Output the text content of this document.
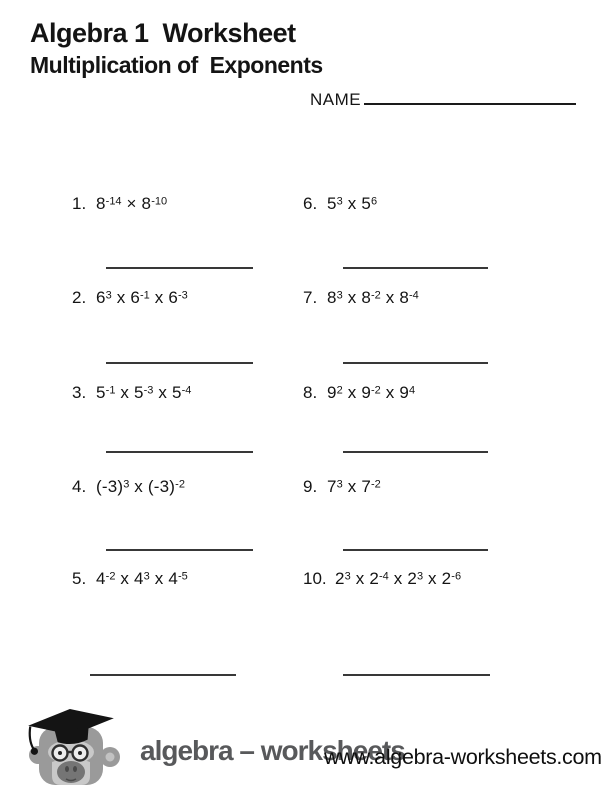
Algebra 1  Worksheet
Multiplication of  Exponents
NAME
1. $8^{-14} \times 8^{-10}$
2. $6^3$ x $6^{-1}$ x $6^{-3}$
3. $5^{-1}$ x $5^{-3}$ x $5^{-4}$
4. $(-3)^3$ x $(-3)^{-2}$
5. $4^{-2}$ x $4^3$ x $4^{-5}$
6. $5^3$ x $5^6$
7. $8^3$ x $8^{-2}$ x $8^{-4}$
8. $9^2$ x $9^{-2}$ x $9^4$
9. $7^3$ x $7^{-2}$
10. $2^3$ x $2^{-4}$ x $2^3$ x $2^{-6}$
algebra – worksheets
www.algebra-worksheets.com
